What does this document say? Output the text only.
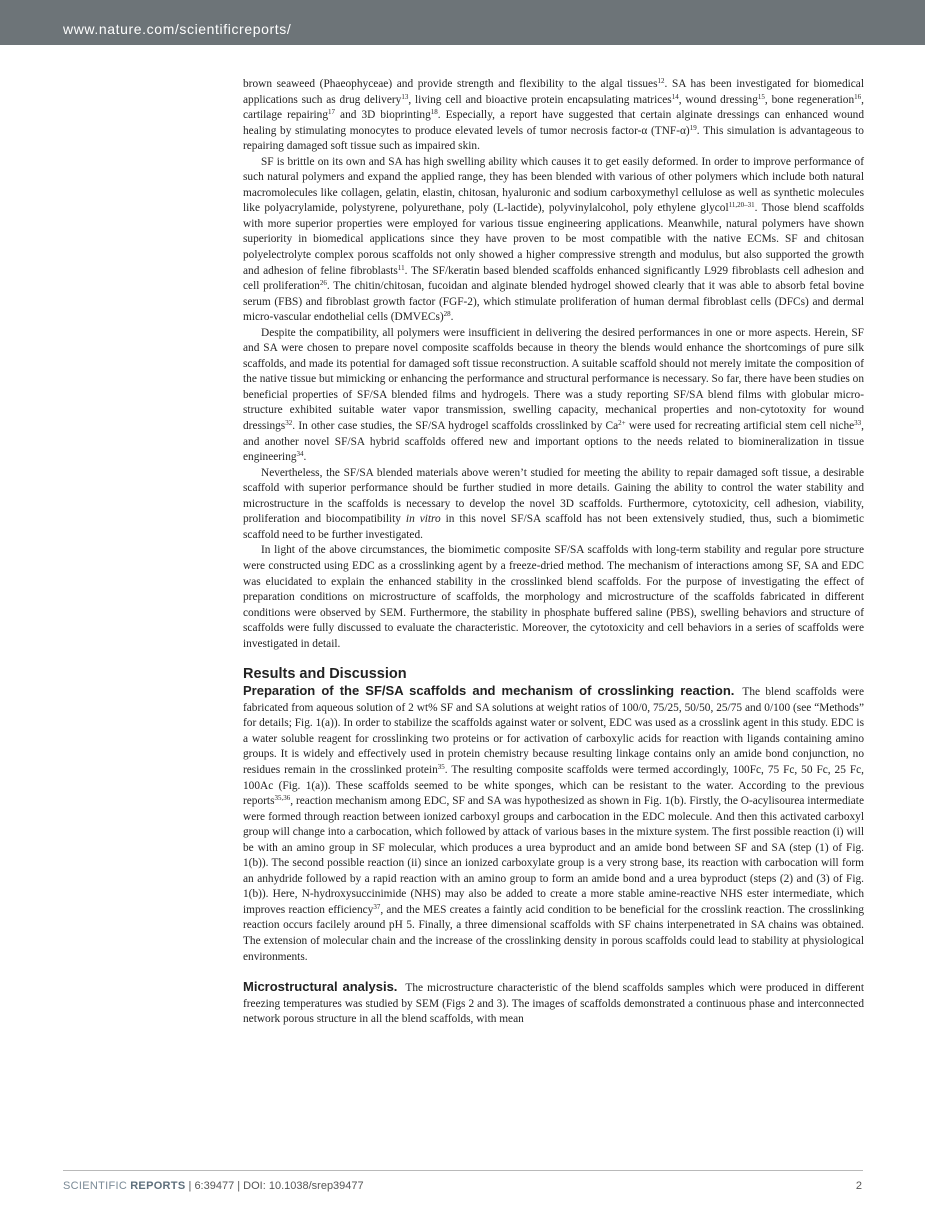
www.nature.com/scientificreports/

brown seaweed (Phaeophyceae) and provide strength and flexibility to the algal tissues$^{12}$. SA has been investigated for biomedical applications such as drug delivery$^{13}$, living cell and bioactive protein encapsulating matrices$^{14}$, wound dressing$^{15}$, bone regeneration$^{16}$, cartilage repairing$^{17}$ and 3D bioprinting$^{18}$. Especially, a report have suggested that certain alginate dressings can enhanced wound healing by stimulating monocytes to produce elevated levels of tumor necrosis factor-α $(TNF-\alpha)^{19}$. This simulation is advantageous to repairing damaged soft tissue such as impaired skin.

SF is brittle on its own and SA has high swelling ability which causes it to get easily deformed. In order to improve performance of such natural polymers and expand the applied range, they has been blended with various of other polymers which include both natural macromolecules like collagen, gelatin, elastin, chitosan, hyaluronic and sodium carboxymethyl cellulose as well as synthetic molecules like polyacrylamide, polystyrene, polyurethane, poly (L-lactide), polyvinylalcohol, poly ethylene glycol$^{11,20-31}$. Those blend scaffolds with more superior properties were employed for various tissue engineering applications. Meanwhile, natural polymers have shown superiority in biomedical applications since they have proven to be most compatible with the native ECMs. SF and chitosan polyelectrolyte complex porous scaffolds not only showed a higher compressive strength and modulus, but also supported the growth and adhesion of feline fibroblasts$^{11}$. The SF/keratin based blended scaffolds enhanced significantly L929 fibroblasts cell adhesion and cell proliferation$^{26}$. The chitin/chitosan, fucoidan and alginate blended hydrogel showed clearly that it was able to absorb fetal bovine serum (FBS) and fibroblast growth factor (FGF-2), which stimulate proliferation of human dermal fibroblast cells (DFCs) and dermal micro-vascular endothelial cells (DMVECs)$^{28}$.

Despite the compatibility, all polymers were insufficient in delivering the desired performances in one or more aspects. Herein, SF and SA were chosen to prepare novel composite scaffolds because in theory the blends would enhance the shortcomings of pure silk scaffolds, and made its potential for damaged soft tissue reconstruction. A suitable scaffold should not merely imitate the composition of the native tissue but mimicking or enhancing the performance and structural performance is necessary. So far, there have been studies on beneficial properties of SF/SA blended films and hydrogels. There was a study reporting SF/SA blend films with globular micro-structure exhibited suitable water vapor transmission, swelling capacity, mechanical properties and non-cytotoxity for wound dressings$^{32}$. In other case studies, the SF/SA hydrogel scaffolds crosslinked by $Ca^{2+}$ were used for recreating artificial stem cell niche$^{33}$, and another novel SF/SA hybrid scaffolds offered new and important options to the needs related to biomineralization in tissue engineering$^{34}$.

Nevertheless, the SF/SA blended materials above weren’t studied for meeting the ability to repair damaged soft tissue, a desirable scaffold with superior performance should be further studied in more details. Gaining the ability to control the water stability and microstructure in the scaffolds is necessary to develop the novel 3D scaffolds. Furthermore, cytotoxicity, cell adhesion, viability, proliferation and biocompatibility in vitro in this novel SF/SA scaffold has not been extensively studied, thus, such a biomimetic scaffold need to be further investigated.

In light of the above circumstances, the biomimetic composite SF/SA scaffolds with long-term stability and regular pore structure were constructed using EDC as a crosslinking agent by a freeze-dried method. The mechanism of interactions among SF, SA and EDC was elucidated to explain the enhanced stability in the crosslinked blend scaffolds. For the purpose of investigating the effect of preparation conditions on microstructure of scaffolds, the morphology and microstructure of the scaffolds fabricated in different conditions were observed by SEM. Furthermore, the stability in phosphate buffered saline (PBS), swelling behaviors and structure of scaffolds were fully discussed to evaluate the characteristic. Moreover, the cytotoxicity and cell behaviors in a series of scaffolds were investigated in detail.

Results and Discussion

Preparation of the SF/SA scaffolds and mechanism of crosslinking reaction. The blend scaffolds were fabricated from aqueous solution of 2 wt% SF and SA solutions at weight ratios of 100/0, 75/25, 50/50, 25/75 and 0/100 (see “Methods” for details; Fig. 1(a)). In order to stabilize the scaffolds against water or solvent, EDC was used as a crosslink agent in this study. EDC is a water soluble reagent for crosslinking two proteins or for activation of carboxylic acids for reaction with ligands containing amino groups. It is widely and effectively used in protein chemistry because resulting linkage contains only an amide bond conjunction, no residues remain in the crosslinked protein$^{35}$. The resulting composite scaffolds were termed accordingly, 100Fc, 75 Fc, 50 Fc, 25 Fc, 100Ac (Fig. 1(a)). These scaffolds seemed to be white sponges, which can be resistant to the water. According to the previous reports$^{35,36}$, reaction mechanism among EDC, SF and SA was hypothesized as shown in Fig. 1(b). Firstly, the O-acylisourea intermediate were formed through reaction between ionized carboxyl groups and carbocation in the EDC molecule. And then this activated carboxyl group will change into a carbocation, which followed by attack of various bases in the mixture system. The first possible reaction (i) will be with an amino group in SF molecular, which produces a urea byproduct and an amide bond between SF and SA (step (1) of Fig. 1(b)). The second possible reaction (ii) since an ionized carboxylate group is a very strong base, its reaction with carbocation will form an anhydride followed by a rapid reaction with an amino group to form an amide bond and a urea byproduct (steps (2) and (3) of Fig. 1(b)). Here, N-hydroxysuccinimide (NHS) may also be added to create a more stable amine-reactive NHS ester intermediate, which improves reaction efficiency$^{37}$, and the MES creates a faintly acid condition to be beneficial for the crosslink reaction. The crosslinking reaction occurs facilely around pH 5. Finally, a three dimensional scaffolds with SF chains interpenetrated in SA chains was obtained. The extension of molecular chain and the increase of the crosslinking density in porous scaffolds could lead to stability at physiological environments.

Microstructural analysis. The microstructure characteristic of the blend scaffolds samples which were produced in different freezing temperatures was studied by SEM (Figs 2 and 3). The images of scaffolds demonstrated a continuous phase and interconnected network porous structure in all the blend scaffolds, with mean

SCIENTIFIC REPORTS | 6:39477 | DOI: 10.1038/srep39477	2
